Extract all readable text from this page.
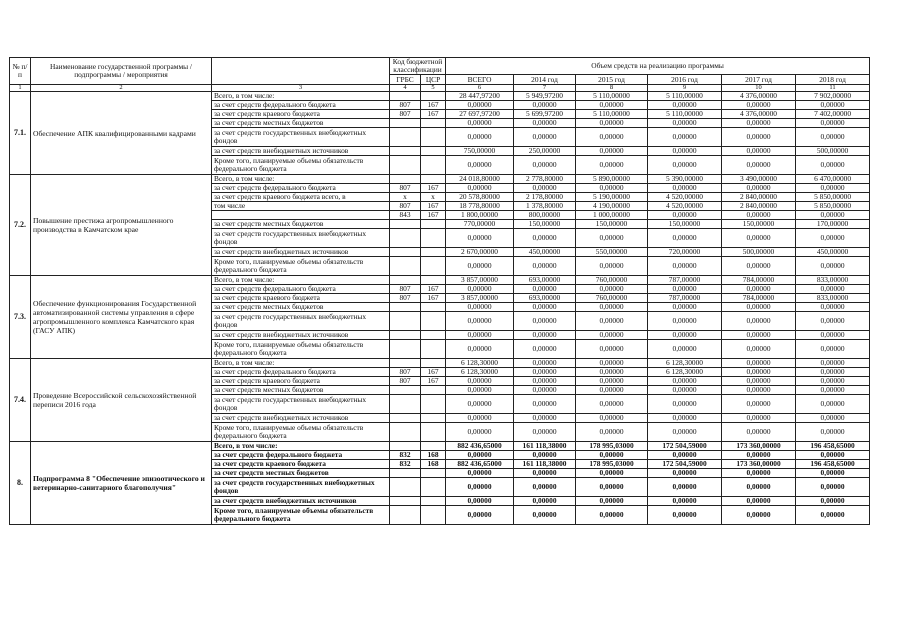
№ п/п	Наименование государственной программы / подпрограммы / мероприятия		Код бюджетной классификации		Объем средств на реализацию программы					
			ГРБС	ЦСР	ВСЕГО	2014 год	2015 год	2016 год	2017 год	2018 год
1	2	3	4	5	6	7	8	9	10	11
7.1.	Обеспечение АПК квалифицированными кадрами	Всего, в том числе:			28 447,97200	5 949,97200	5 110,00000	5 110,00000	4 376,00000	7 902,00000
		за счет средств федерального бюджета	807	167	0,00000	0,00000	0,00000	0,00000	0,00000	0,00000
		за счет средств краевого бюджета	807	167	27 697,97200	5 699,97200	5 110,00000	5 110,00000	4 376,00000	7 402,00000
		за счет средств местных бюджетов			0,00000	0,00000	0,00000	0,00000	0,00000	0,00000
		за счет средств государственных внебюджетных фондов			0,00000	0,00000	0,00000	0,00000	0,00000	0,00000
		за счет средств внебюджетных источников			750,00000	250,00000	0,00000	0,00000	0,00000	500,00000
		Кроме того, планируемые объемы обязательств федерального бюджета			0,00000	0,00000	0,00000	0,00000	0,00000	0,00000
7.2.	Повышение престижа агропромышленного производства в Камчатском крае	Всего, в том числе:			24 018,80000	2 778,80000	5 890,00000	5 390,00000	3 490,00000	6 470,00000
		за счет средств федерального бюджета	807	167	0,00000	0,00000	0,00000	0,00000	0,00000	0,00000
		за счет средств краевого бюджета всего, в	x	x	20 578,80000	2 178,80000	5 190,00000	4 520,00000	2 840,00000	5 850,00000
		том числе	807	167	18 778,80000	1 378,80000	4 190,00000	4 520,00000	2 840,00000	5 850,00000
			843	167	1 800,00000	800,00000	1 000,00000	0,00000	0,00000	0,00000
		за счет средств местных бюджетов			770,00000	150,00000	150,00000	150,00000	150,00000	170,00000
		за счет средств государственных внебюджетных фондов			0,00000	0,00000	0,00000	0,00000	0,00000	0,00000
		за счет средств внебюджетных источников			2 670,00000	450,00000	550,00000	720,00000	500,00000	450,00000
		Кроме того, планируемые объемы обязательств федерального бюджета			0,00000	0,00000	0,00000	0,00000	0,00000	0,00000
7.3.	Обеспечение функционирования Государственной автоматизированной системы управления в сфере агропромышленного комплекса Камчатского края (ГАСУ АПК)	Всего, в том числе:			3 857,00000	693,00000	760,00000	787,00000	784,00000	833,00000
		за счет средств федерального бюджета	807	167	0,00000	0,00000	0,00000	0,00000	0,00000	0,00000
		за счет средств краевого бюджета	807	167	3 857,00000	693,00000	760,00000	787,00000	784,00000	833,00000
		за счет средств местных бюджетов			0,00000	0,00000	0,00000	0,00000	0,00000	0,00000
		за счет средств государственных внебюджетных фондов			0,00000	0,00000	0,00000	0,00000	0,00000	0,00000
		за счет средств внебюджетных источников			0,00000	0,00000	0,00000	0,00000	0,00000	0,00000
		Кроме того, планируемые объемы обязательств федерального бюджета			0,00000	0,00000	0,00000	0,00000	0,00000	0,00000
7.4.	Проведение Всероссийской сельскохозяйственной переписи 2016 года	Всего, в том числе:			6 128,30000	0,00000	0,00000	6 128,30000	0,00000	0,00000
		за счет средств федерального бюджета	807	167	6 128,30000	0,00000	0,00000	6 128,30000	0,00000	0,00000
		за счет средств краевого бюджета	807	167	0,00000	0,00000	0,00000	0,00000	0,00000	0,00000
		за счет средств местных бюджетов			0,00000	0,00000	0,00000	0,00000	0,00000	0,00000
		за счет средств государственных внебюджетных фондов			0,00000	0,00000	0,00000	0,00000	0,00000	0,00000
		за счет средств внебюджетных источников			0,00000	0,00000	0,00000	0,00000	0,00000	0,00000
		Кроме того, планируемые объемы обязательств федерального бюджета			0,00000	0,00000	0,00000	0,00000	0,00000	0,00000
8.	Подпрограмма 8 "Обеспечение эпизоотического и ветеринарно-санитарного благополучия"	Всего, в том числе:			882 436,65000	161 118,38000	178 995,03000	172 504,59000	173 360,00000	196 458,65000
		за счет средств федерального бюджета	832	168	0,00000	0,00000	0,00000	0,00000	0,00000	0,00000
		за счет средств краевого бюджета	832	168	882 436,65000	161 118,38000	178 995,03000	172 504,59000	173 360,00000	196 458,65000
		за счет средств местных бюджетов			0,00000	0,00000	0,00000	0,00000	0,00000	0,00000
		за счет средств государственных внебюджетных фондов			0,00000	0,00000	0,00000	0,00000	0,00000	0,00000
		за счет средств внебюджетных источников			0,00000	0,00000	0,00000	0,00000	0,00000	0,00000
		Кроме того, планируемые объемы обязательств федерального бюджета			0,00000	0,00000	0,00000	0,00000	0,00000	0,00000
